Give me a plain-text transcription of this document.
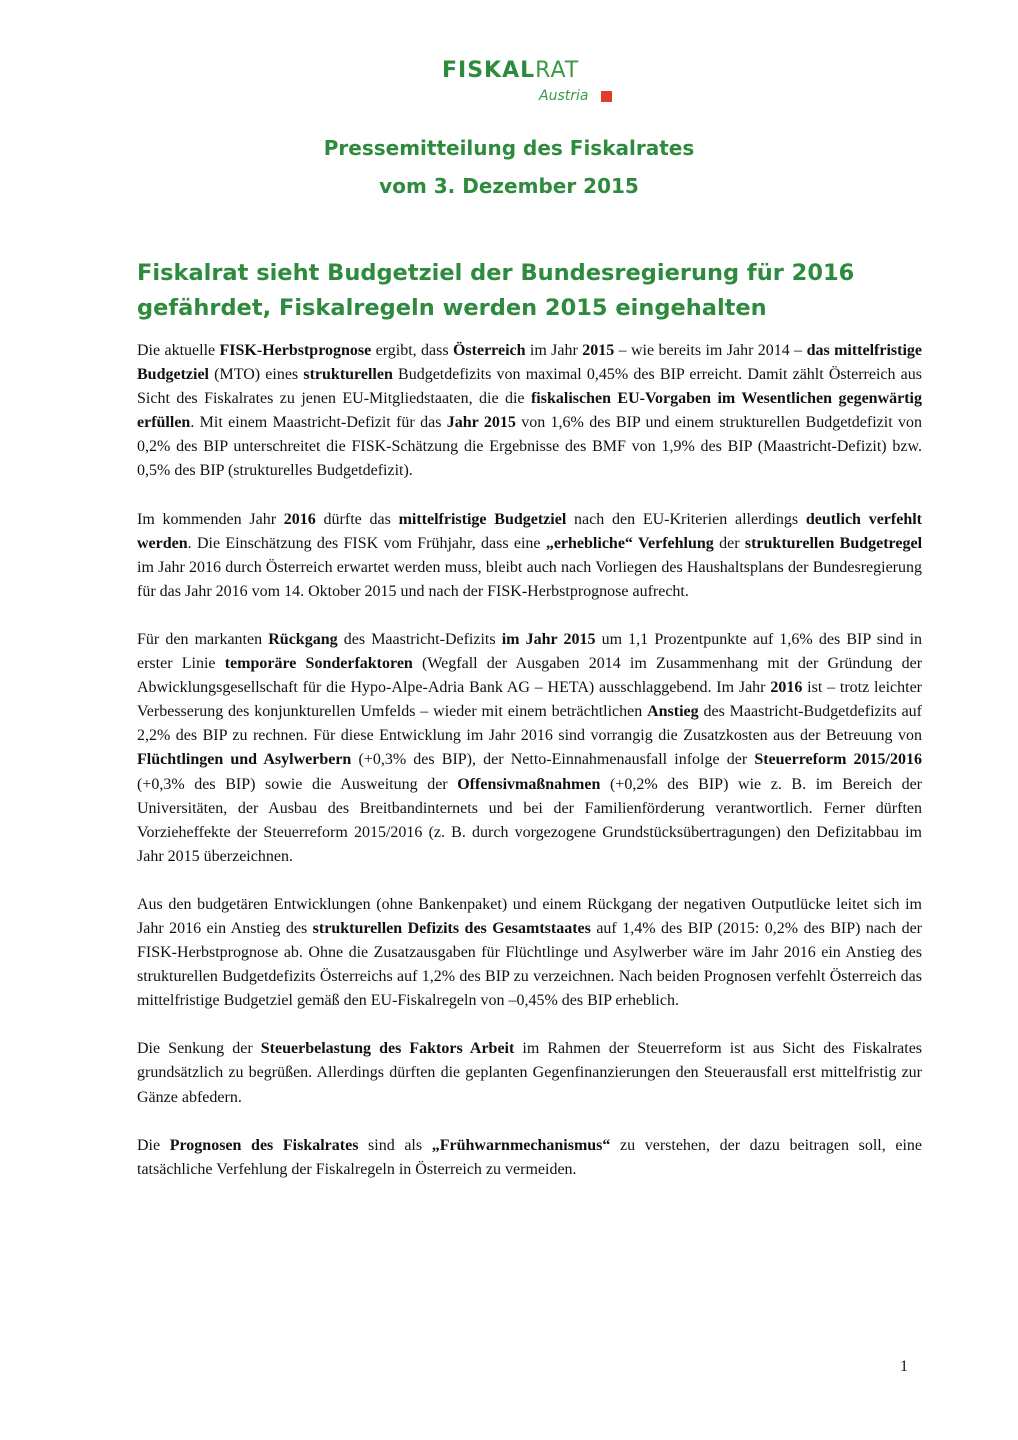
FISKALRAT
Austria
Pressemitteilung des Fiskalrates
vom 3. Dezember 2015
Fiskalrat sieht Budgetziel der Bundesregierung für 2016
gefährdet, Fiskalregeln werden 2015 eingehalten

Die aktuelle FISK-Herbstprognose ergibt, dass Österreich im Jahr 2015 – wie bereits im Jahr 2014 – das mittelfristige Budgetziel (MTO) eines strukturellen Budgetdefizits von maximal 0,45% des BIP erreicht. Damit zählt Österreich aus Sicht des Fiskalrates zu jenen EU-Mitgliedstaaten, die die fiskalischen EU-Vorgaben im Wesentlichen gegenwärtig erfüllen. Mit einem Maastricht-Defizit für das Jahr 2015 von 1,6% des BIP und einem strukturellen Budgetdefizit von 0,2% des BIP unterschreitet die FISK-Schätzung die Ergebnisse des BMF von 1,9% des BIP (Maastricht-Defizit) bzw. 0,5% des BIP (strukturelles Budgetdefizit).

Im kommenden Jahr 2016 dürfte das mittelfristige Budgetziel nach den EU-Kriterien allerdings deutlich verfehlt werden. Die Einschätzung des FISK vom Frühjahr, dass eine „erhebliche“ Verfehlung der strukturellen Budgetregel im Jahr 2016 durch Österreich erwartet werden muss, bleibt auch nach Vorliegen des Haushaltsplans der Bundesregierung für das Jahr 2016 vom 14. Oktober 2015 und nach der FISK-Herbstprognose aufrecht.

Für den markanten Rückgang des Maastricht-Defizits im Jahr 2015 um 1,1 Prozentpunkte auf 1,6% des BIP sind in erster Linie temporäre Sonderfaktoren (Wegfall der Ausgaben 2014 im Zusammenhang mit der Gründung der Abwicklungsgesellschaft für die Hypo-Alpe-Adria Bank AG – HETA) ausschlaggebend. Im Jahr 2016 ist – trotz leichter Verbesserung des konjunkturellen Umfelds – wieder mit einem beträchtlichen Anstieg des Maastricht-Budgetdefizits auf 2,2% des BIP zu rechnen. Für diese Entwicklung im Jahr 2016 sind vorrangig die Zusatzkosten aus der Betreuung von Flüchtlingen und Asylwerbern (+0,3% des BIP), der Netto-Einnahmenausfall infolge der Steuerreform 2015/2016 (+0,3% des BIP) sowie die Ausweitung der Offensivmaßnahmen (+0,2% des BIP) wie z. B. im Bereich der Universitäten, der Ausbau des Breitbandinternets und bei der Familienförderung verantwortlich. Ferner dürften Vorzieheffekte der Steuerreform 2015/2016 (z. B. durch vorgezogene Grundstücksübertragungen) den Defizitabbau im Jahr 2015 überzeichnen.

Aus den budgetären Entwicklungen (ohne Bankenpaket) und einem Rückgang der negativen Outputlücke leitet sich im Jahr 2016 ein Anstieg des strukturellen Defizits des Gesamtstaates auf 1,4% des BIP (2015: 0,2% des BIP) nach der FISK-Herbstprognose ab. Ohne die Zusatzausgaben für Flüchtlinge und Asylwerber wäre im Jahr 2016 ein Anstieg des strukturellen Budgetdefizits Österreichs auf 1,2% des BIP zu verzeichnen. Nach beiden Prognosen verfehlt Österreich das mittelfristige Budgetziel gemäß den EU-Fiskalregeln von –0,45% des BIP erheblich.

Die Senkung der Steuerbelastung des Faktors Arbeit im Rahmen der Steuerreform ist aus Sicht des Fiskalrates grundsätzlich zu begrüßen. Allerdings dürften die geplanten Gegenfinanzierungen den Steuerausfall erst mittelfristig zur Gänze abfedern.

Die Prognosen des Fiskalrates sind als „Frühwarnmechanismus“ zu verstehen, der dazu beitragen soll, eine tatsächliche Verfehlung der Fiskalregeln in Österreich zu vermeiden.

1
